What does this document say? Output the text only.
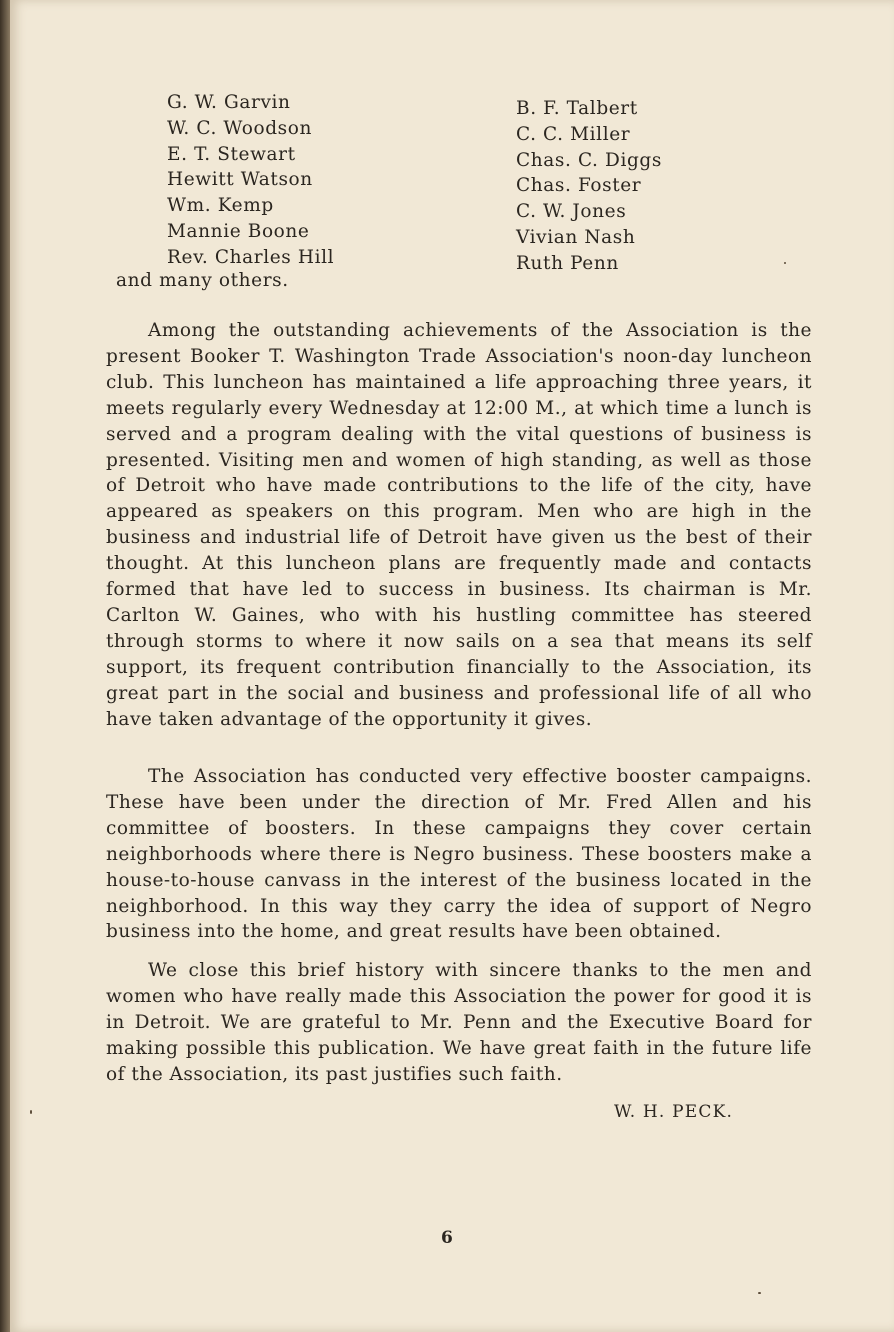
G. W. Garvin
W. C. Woodson
E. T. Stewart
Hewitt Watson
Wm. Kemp
Mannie Boone
Rev. Charles Hill
and many others.
B. F. Talbert
C. C. Miller
Chas. C. Diggs
Chas. Foster
C. W. Jones
Vivian Nash
Ruth Penn

Among the outstanding achievements of the Association is the present Booker T. Washington Trade Association's noon-day luncheon club. This luncheon has maintained a life approaching three years, it meets regularly every Wednesday at 12:00 M., at which time a lunch is served and a program dealing with the vital questions of business is presented. Visiting men and women of high standing, as well as those of Detroit who have made contributions to the life of the city, have appeared as speakers on this program. Men who are high in the business and industrial life of Detroit have given us the best of their thought. At this luncheon plans are frequently made and contacts formed that have led to success in business. Its chairman is Mr. Carlton W. Gaines, who with his hustling committee has steered through storms to where it now sails on a sea that means its self support, its frequent contribution financially to the Association, its great part in the social and business and professional life of all who have taken advantage of the opportunity it gives.

The Association has conducted very effective booster campaigns. These have been under the direction of Mr. Fred Allen and his committee of boosters. In these campaigns they cover certain neighborhoods where there is Negro business. These boosters make a house-to-house canvass in the interest of the business located in the neighborhood. In this way they carry the idea of support of Negro business into the home, and great results have been obtained.

We close this brief history with sincere thanks to the men and women who have really made this Association the power for good it is in Detroit. We are grateful to Mr. Penn and the Executive Board for making possible this publication. We have great faith in the future life of the Association, its past justifies such faith.

W. H. PECK.
6
